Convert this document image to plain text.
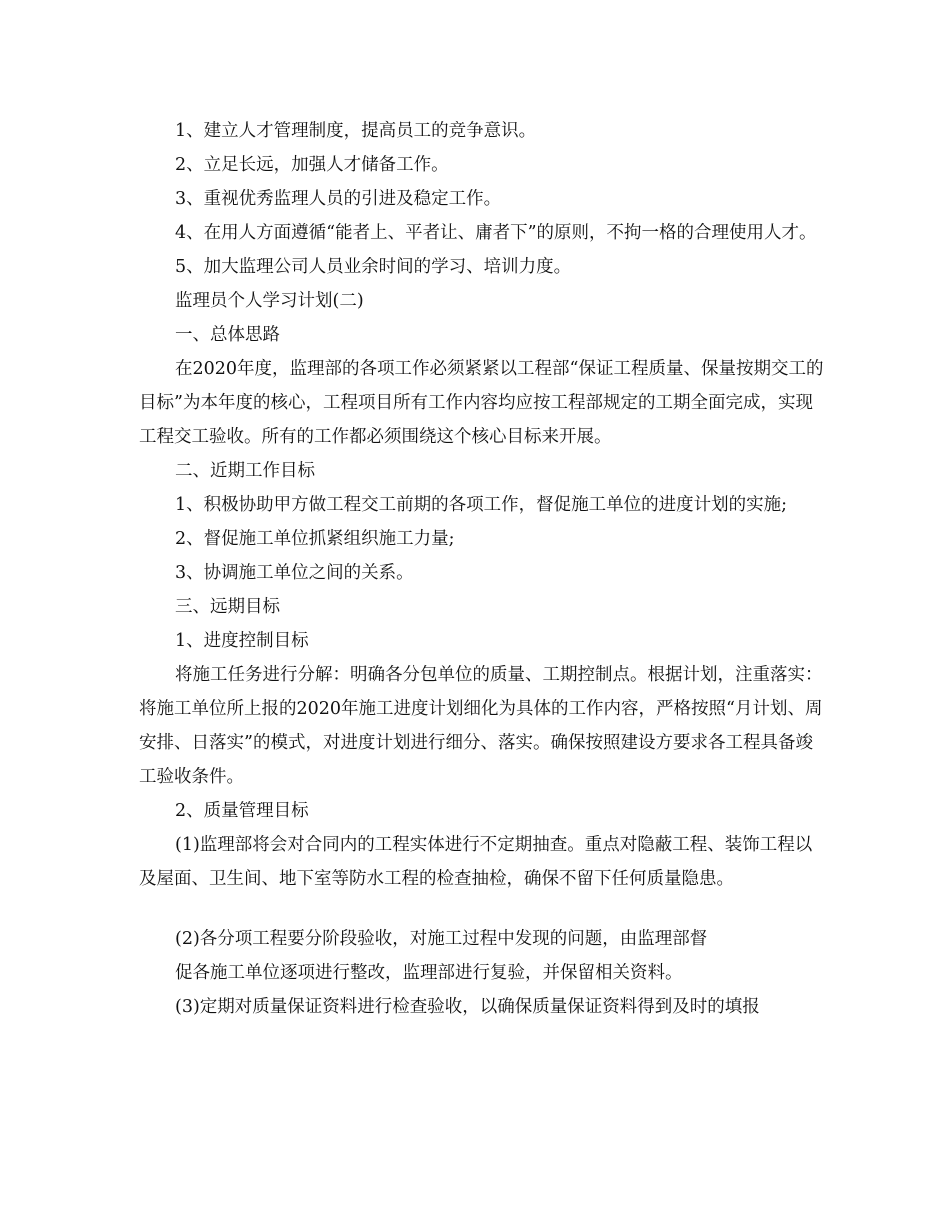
1、建立人才管理制度，提高员工的竞争意识。

2、立足长远，加强人才储备工作。

3、重视优秀监理人员的引进及稳定工作。

4、在用人方面遵循“能者上、平者让、庸者下”的原则，不拘一格的合理使用人才。

5、加大监理公司人员业余时间的学习、培训力度。

监理员个人学习计划(二)

一、总体思路

在2020年度，监理部的各项工作必须紧紧以工程部“保证工程质量、保量按期交工的目标”为本年度的核心，工程项目所有工作内容均应按工程部规定的工期全面完成，实现工程交工验收。所有的工作都必须围绕这个核心目标来开展。

二、近期工作目标

1、积极协助甲方做工程交工前期的各项工作，督促施工单位的进度计划的实施;

2、督促施工单位抓紧组织施工力量;

3、协调施工单位之间的关系。

三、远期目标

1、进度控制目标

将施工任务进行分解：明确各分包单位的质量、工期控制点。根据计划，注重落实：将施工单位所上报的2020年施工进度计划细化为具体的工作内容，严格按照“月计划、周安排、日落实”的模式，对进度计划进行细分、落实。确保按照建设方要求各工程具备竣工验收条件。

2、质量管理目标

(1)监理部将会对合同内的工程实体进行不定期抽查。重点对隐蔽工程、装饰工程以及屋面、卫生间、地下室等防水工程的检查抽检，确保不留下任何质量隐患。

(2)各分项工程要分阶段验收，对施工过程中发现的问题，由监理部督

促各施工单位逐项进行整改，监理部进行复验，并保留相关资料。

(3)定期对质量保证资料进行检查验收，以确保质量保证资料得到及时的填报
